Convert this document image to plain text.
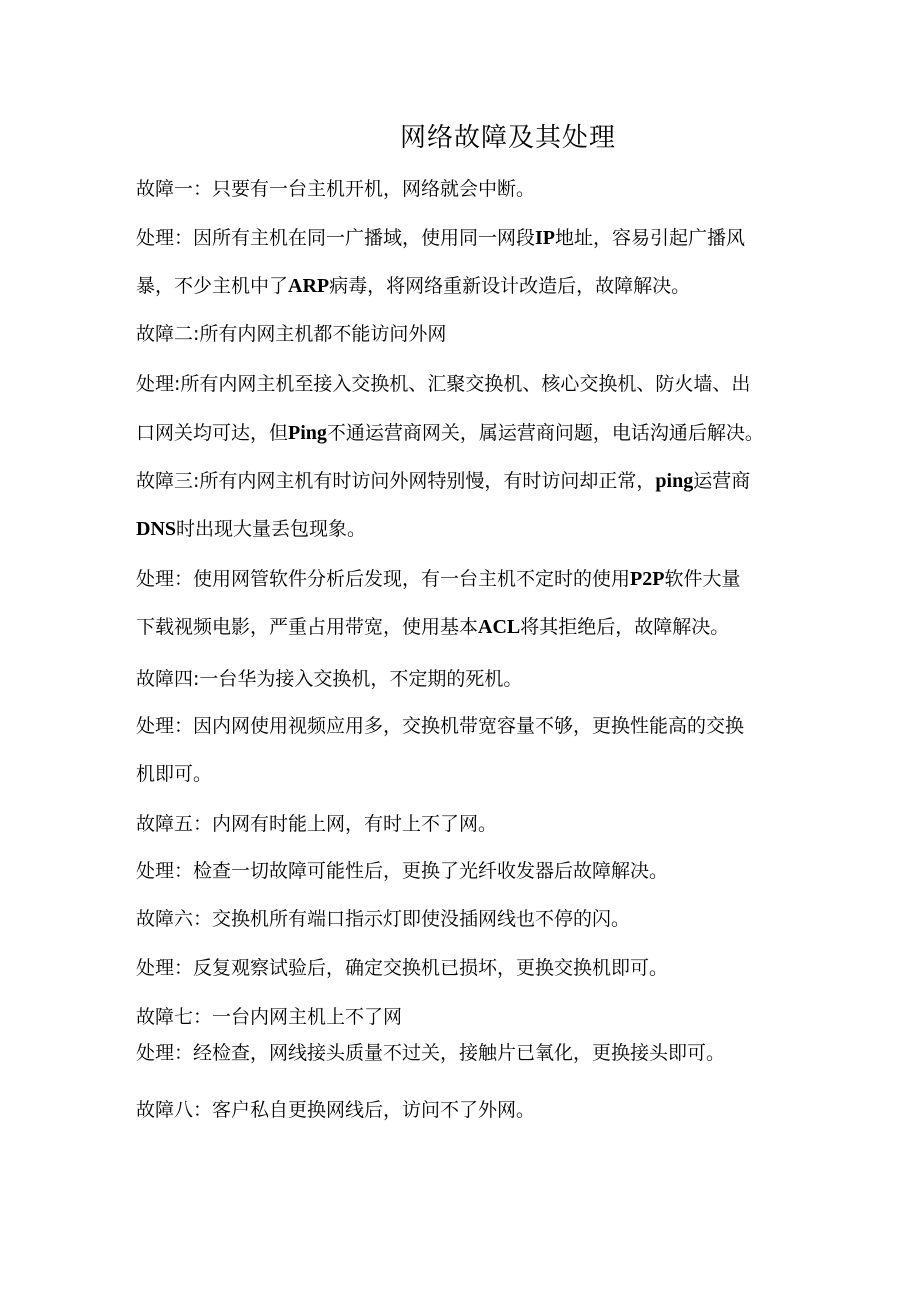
网络故障及其处理
故障一：只要有一台主机开机，网络就会中断。
处理：因所有主机在同一广播域，使用同一网段IP地址，容易引起广播风
暴，不少主机中了ARP病毒，将网络重新设计改造后，故障解决。
故障二:所有内网主机都不能访问外网
处理:所有内网主机至接入交换机、汇聚交换机、核心交换机、防火墙、出
口网关均可达，但Ping不通运营商网关，属运营商问题，电话沟通后解决。
故障三:所有内网主机有时访问外网特别慢，有时访问却正常，ping运营商
DNS时出现大量丢包现象。
处理：使用网管软件分析后发现，有一台主机不定时的使用P2P软件大量
下载视频电影，严重占用带宽，使用基本ACL将其拒绝后，故障解决。
故障四:一台华为接入交换机，不定期的死机。
处理：因内网使用视频应用多，交换机带宽容量不够，更换性能高的交换
机即可。
故障五：内网有时能上网，有时上不了网。
处理：检查一切故障可能性后，更换了光纤收发器后故障解决。
故障六：交换机所有端口指示灯即使没插网线也不停的闪。
处理：反复观察试验后，确定交换机已损坏，更换交换机即可。
故障七：一台内网主机上不了网
处理：经检查，网线接头质量不过关，接触片已氧化，更换接头即可。
故障八：客户私自更换网线后，访问不了外网。
